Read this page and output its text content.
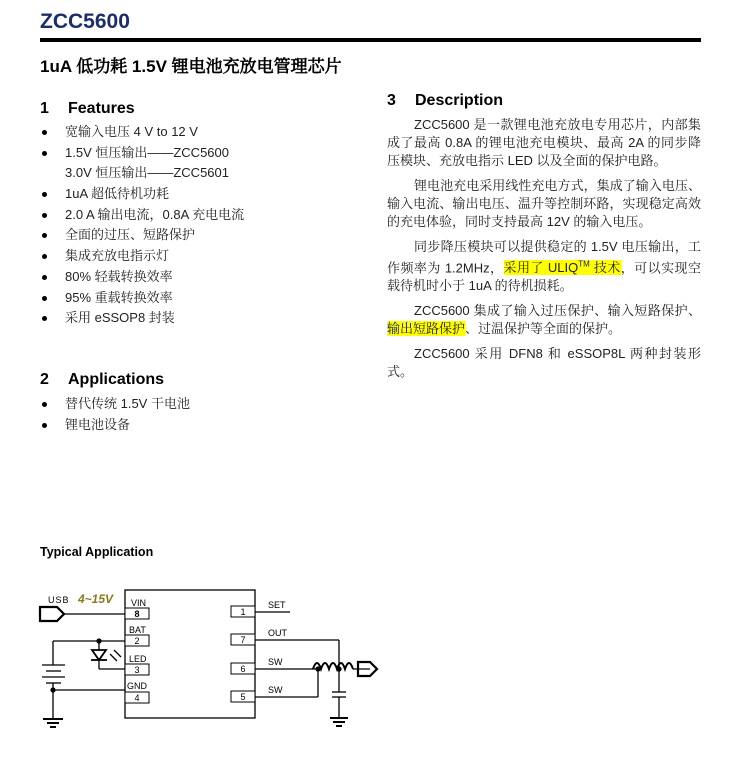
ZCC5600
1uA 低功耗 1.5V 锂电池充放电管理芯片
1 Features
宽输入电压 4 V to 12 V
1.5V 恒压输出——ZCC5600
3.0V 恒压输出——ZCC5601
1uA 超低待机功耗
2.0 A 输出电流，0.8A 充电电流
全面的过压、短路保护
集成充放电指示灯
80% 轻载转换效率
95% 重载转换效率
采用 eSSOP8 封装
2 Applications
替代传统 1.5V 干电池
锂电池设备
3 Description

ZCC5600 是一款锂电池充放电专用芯片，内部集成了最高 0.8A 的锂电池充电模块、最高 2A 的同步降压模块、充放电指示 LED 以及全面的保护电路。

锂电池充电采用线性充电方式，集成了输入电压、输入电流、输出电压、温升等控制环路，实现稳定高效的充电体验，同时支持最高 12V 的输入电压。

同步降压模块可以提供稳定的 1.5V 电压输出，工作频率为 1.2MHz，采用了 ULIQ™ 技术，可以实现空载待机时小于 1uA 的待机损耗。

ZCC5600 集成了输入过压保护、输入短路保护、输出短路保护、过温保护等全面的保护。

ZCC5600 采用 DFN8 和 eSSOP8L 两种封装形式。

Typical Application
8
2
3
4
1
7
6
5
USB 4~15V VIN
BAT
LED
GND
SET
OUT
SW
SW
